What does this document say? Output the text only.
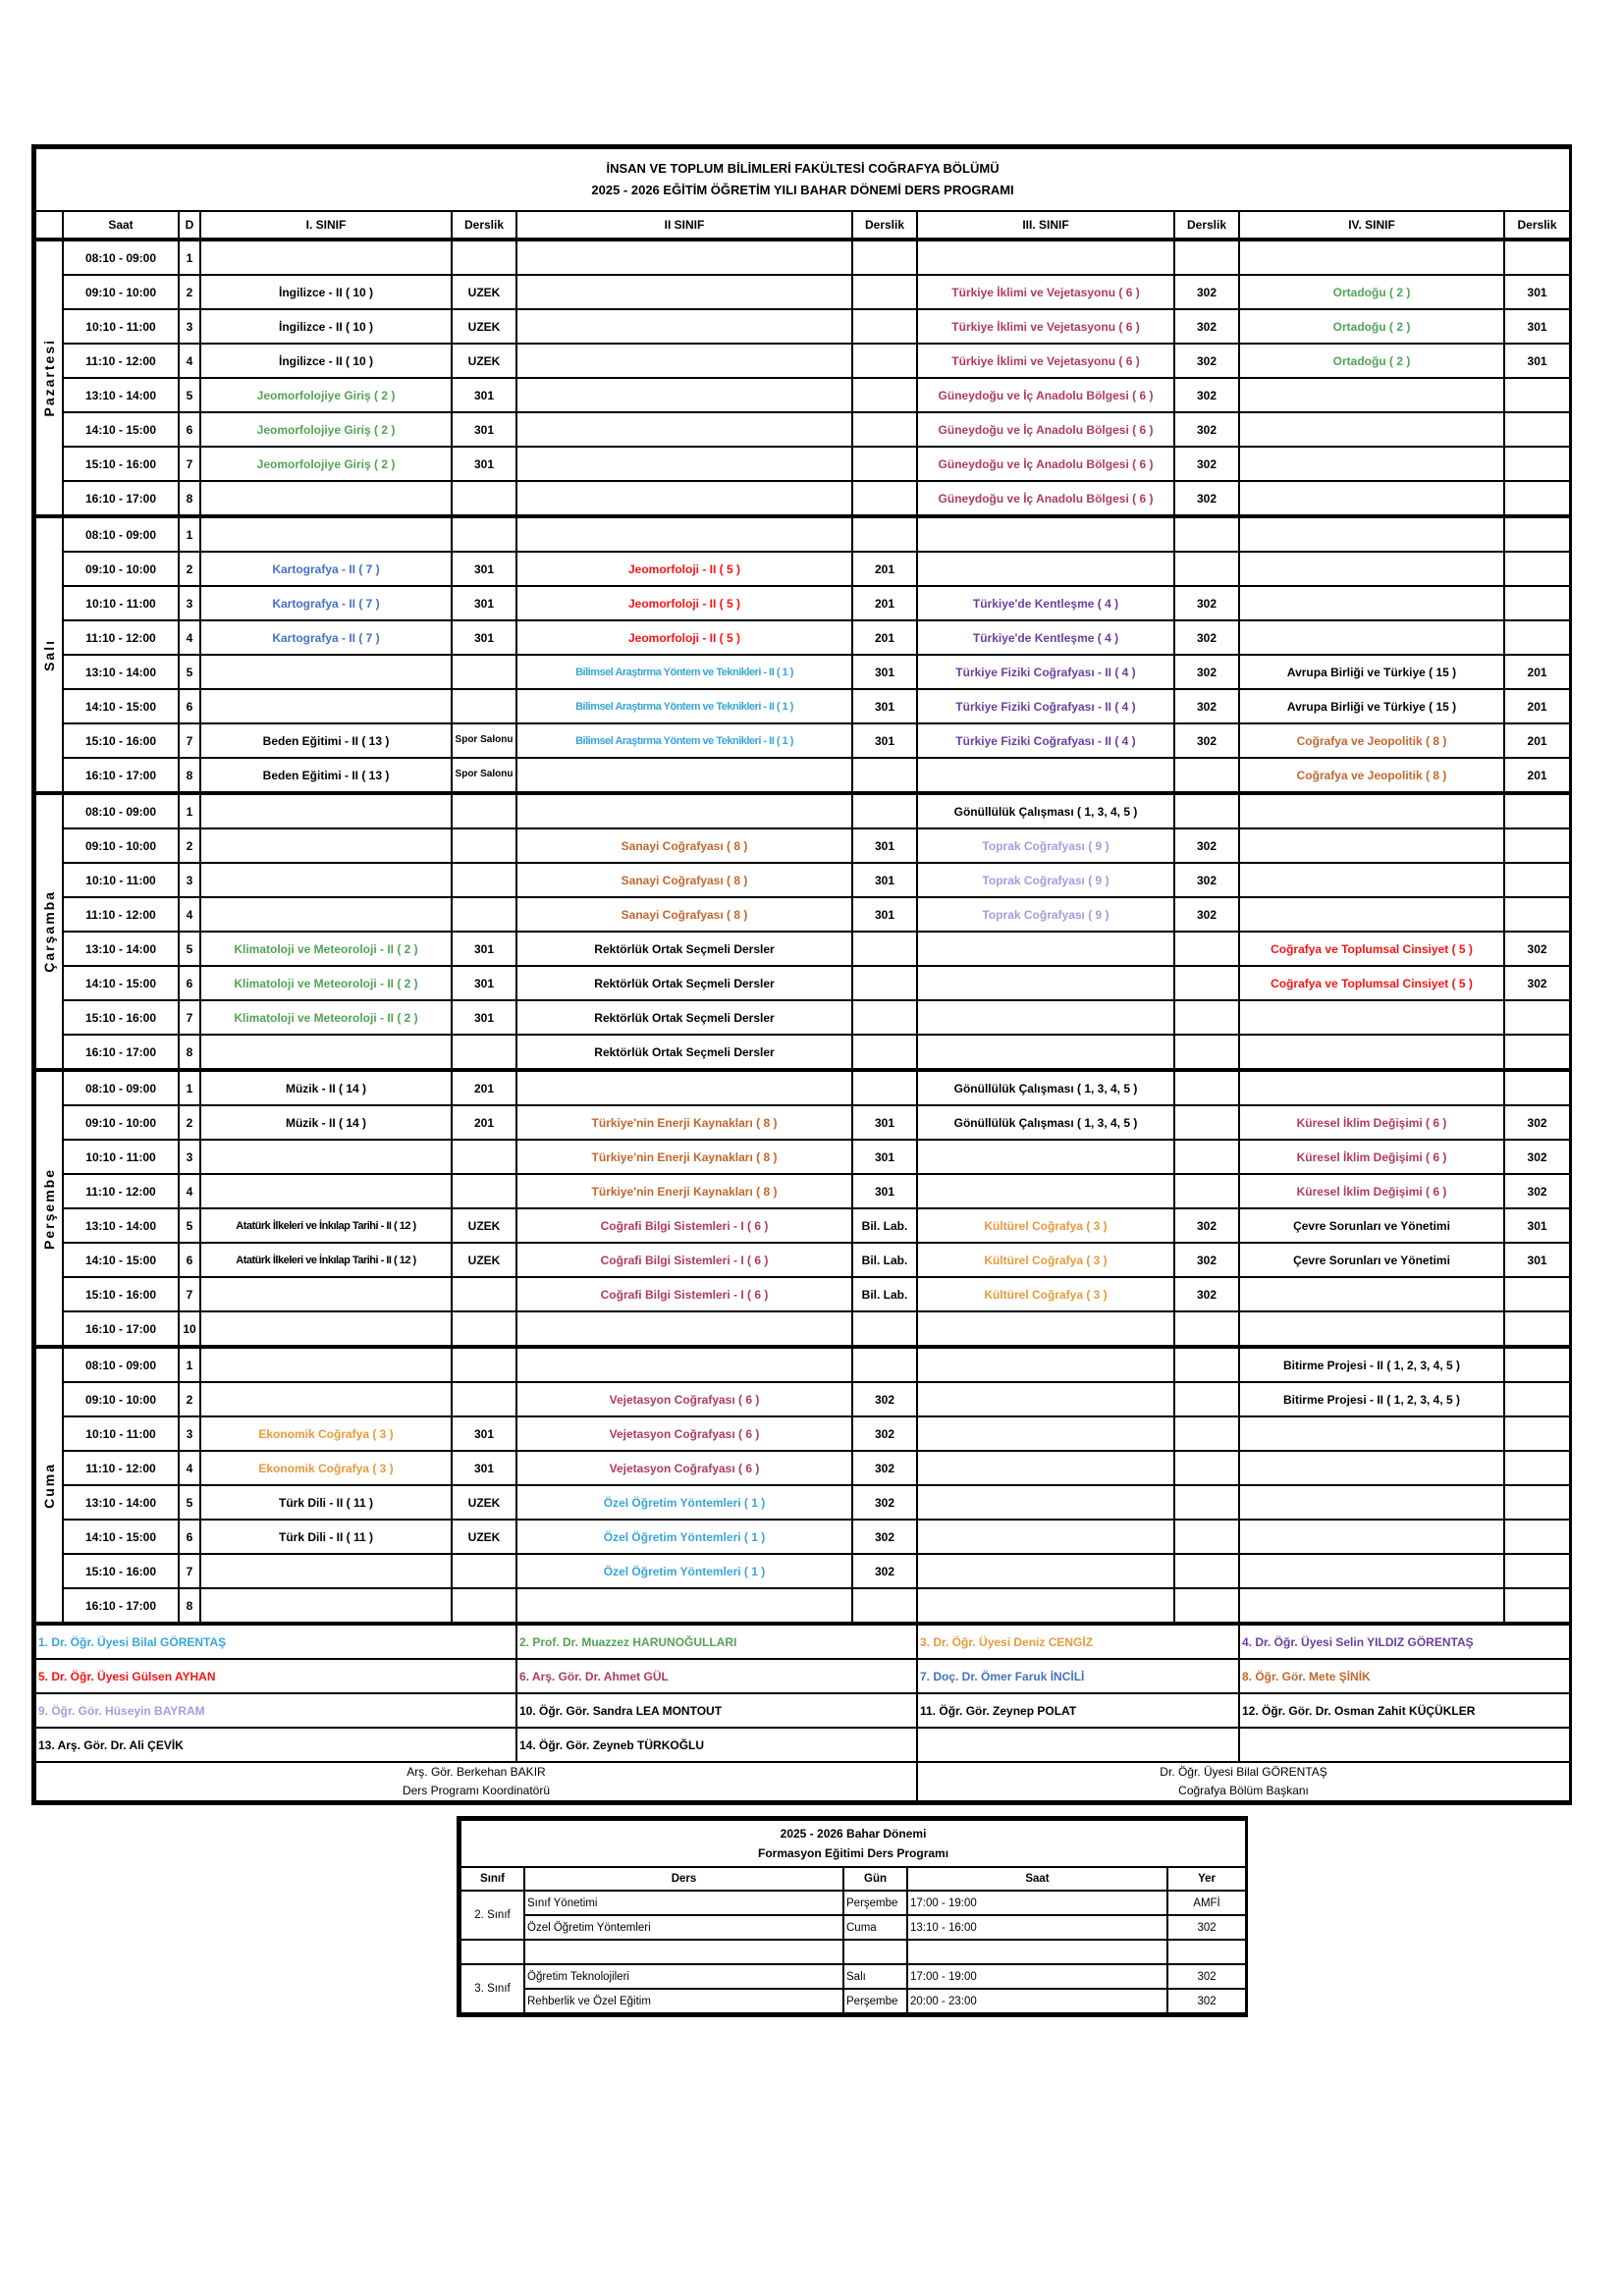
İNSAN VE TOPLUM BİLİMLERİ FAKÜLTESİ COĞRAFYA BÖLÜMÜ
2025 - 2026 EĞİTİM ÖĞRETİM YILI BAHAR DÖNEMİ DERS PROGRAMI										

	Saat	D	I. SINIF	Derslik	II SINIF	Derslik	III. SINIF	Derslik	IV. SINIF	Derslik

Pazartesi	08:10 - 09:00	1								
	09:10 - 10:00	2	İngilizce - II ( 10 )	UZEK			Türkiye İklimi ve Vejetasyonu ( 6 )	302	Ortadoğu ( 2 )	301
	10:10 - 11:00	3	İngilizce - II ( 10 )	UZEK			Türkiye İklimi ve Vejetasyonu ( 6 )	302	Ortadoğu ( 2 )	301
	11:10 - 12:00	4	İngilizce - II ( 10 )	UZEK			Türkiye İklimi ve Vejetasyonu ( 6 )	302	Ortadoğu ( 2 )	301
	13:10 - 14:00	5	Jeomorfolojiye Giriş ( 2 )	301			Güneydoğu ve İç Anadolu Bölgesi ( 6 )	302		
	14:10 - 15:00	6	Jeomorfolojiye Giriş ( 2 )	301			Güneydoğu ve İç Anadolu Bölgesi ( 6 )	302		
	15:10 - 16:00	7	Jeomorfolojiye Giriş ( 2 )	301			Güneydoğu ve İç Anadolu Bölgesi ( 6 )	302		
	16:10 - 17:00	8					Güneydoğu ve İç Anadolu Bölgesi ( 6 )	302		

Salı	08:10 - 09:00	1								
	09:10 - 10:00	2	Kartografya - II ( 7 )	301	Jeomorfoloji - II ( 5 )	201				
	10:10 - 11:00	3	Kartografya - II ( 7 )	301	Jeomorfoloji - II ( 5 )	201	Türkiye'de Kentleşme ( 4 )	302		
	11:10 - 12:00	4	Kartografya - II ( 7 )	301	Jeomorfoloji - II ( 5 )	201	Türkiye'de Kentleşme ( 4 )	302		
	13:10 - 14:00	5			Bilimsel Araştırma Yöntem ve Teknikleri - II ( 1 )	301	Türkiye Fiziki Coğrafyası - II ( 4 )	302	Avrupa Birliği ve Türkiye ( 15 )	201
	14:10 - 15:00	6			Bilimsel Araştırma Yöntem ve Teknikleri - II ( 1 )	301	Türkiye Fiziki Coğrafyası - II ( 4 )	302	Avrupa Birliği ve Türkiye ( 15 )	201
	15:10 - 16:00	7	Beden Eğitimi - II ( 13 )	Spor Salonu	Bilimsel Araştırma Yöntem ve Teknikleri - II ( 1 )	301	Türkiye Fiziki Coğrafyası - II ( 4 )	302	Coğrafya ve Jeopolitik ( 8 )	201
	16:10 - 17:00	8	Beden Eğitimi - II ( 13 )	Spor Salonu					Coğrafya ve Jeopolitik ( 8 )	201

Çarşamba	08:10 - 09:00	1					Gönüllülük Çalışması ( 1, 3, 4, 5 )			
	09:10 - 10:00	2			Sanayi Coğrafyası ( 8 )	301	Toprak Coğrafyası ( 9 )	302		
	10:10 - 11:00	3			Sanayi Coğrafyası ( 8 )	301	Toprak Coğrafyası ( 9 )	302		
	11:10 - 12:00	4			Sanayi Coğrafyası ( 8 )	301	Toprak Coğrafyası ( 9 )	302		
	13:10 - 14:00	5	Klimatoloji ve Meteoroloji - II ( 2 )	301	Rektörlük Ortak Seçmeli Dersler				Coğrafya ve Toplumsal Cinsiyet ( 5 )	302
	14:10 - 15:00	6	Klimatoloji ve Meteoroloji - II ( 2 )	301	Rektörlük Ortak Seçmeli Dersler				Coğrafya ve Toplumsal Cinsiyet ( 5 )	302
	15:10 - 16:00	7	Klimatoloji ve Meteoroloji - II ( 2 )	301	Rektörlük Ortak Seçmeli Dersler					
	16:10 - 17:00	8			Rektörlük Ortak Seçmeli Dersler					

Perşembe	08:10 - 09:00	1	Müzik - II ( 14 )	201			Gönüllülük Çalışması ( 1, 3, 4, 5 )			
	09:10 - 10:00	2	Müzik - II ( 14 )	201	Türkiye'nin Enerji Kaynakları ( 8 )	301	Gönüllülük Çalışması ( 1, 3, 4, 5 )		Küresel İklim Değişimi ( 6 )	302
	10:10 - 11:00	3			Türkiye'nin Enerji Kaynakları ( 8 )	301			Küresel İklim Değişimi ( 6 )	302
	11:10 - 12:00	4			Türkiye'nin Enerji Kaynakları ( 8 )	301			Küresel İklim Değişimi ( 6 )	302
	13:10 - 14:00	5	Atatürk İlkeleri ve İnkılap Tarihi - II ( 12 )	UZEK	Coğrafi Bilgi Sistemleri - I ( 6 )	Bil. Lab.	Kültürel Coğrafya ( 3 )	302	Çevre Sorunları ve Yönetimi	301
	14:10 - 15:00	6	Atatürk İlkeleri ve İnkılap Tarihi - II ( 12 )	UZEK	Coğrafi Bilgi Sistemleri - I ( 6 )	Bil. Lab.	Kültürel Coğrafya ( 3 )	302	Çevre Sorunları ve Yönetimi	301
	15:10 - 16:00	7			Coğrafi Bilgi Sistemleri - I ( 6 )	Bil. Lab.	Kültürel Coğrafya ( 3 )	302		
	16:10 - 17:00	10								

Cuma	08:10 - 09:00	1							Bitirme Projesi - II ( 1, 2, 3, 4, 5 )	
	09:10 - 10:00	2			Vejetasyon Coğrafyası ( 6 )	302			Bitirme Projesi - II ( 1, 2, 3, 4, 5 )	
	10:10 - 11:00	3	Ekonomik Coğrafya ( 3 )	301	Vejetasyon Coğrafyası ( 6 )	302				
	11:10 - 12:00	4	Ekonomik Coğrafya ( 3 )	301	Vejetasyon Coğrafyası ( 6 )	302				
	13:10 - 14:00	5	Türk Dili - II ( 11 )	UZEK	Özel Öğretim Yöntemleri ( 1 )	302				
	14:10 - 15:00	6	Türk Dili - II ( 11 )	UZEK	Özel Öğretim Yöntemleri ( 1 )	302				
	15:10 - 16:00	7			Özel Öğretim Yöntemleri ( 1 )	302				
	16:10 - 17:00	8								
1. Dr. Öğr. Üyesi Bilal GÖRENTAŞ					2. Prof. Dr. Muazzez HARUNOĞULLARI		3. Dr. Öğr. Üyesi Deniz CENGİZ		4. Dr. Öğr. Üyesi Selin YILDIZ GÖRENTAŞ	
5. Dr. Öğr. Üyesi Gülsen AYHAN					6. Arş. Gör. Dr. Ahmet GÜL		7. Doç. Dr. Ömer Faruk İNCİLİ		8. Öğr. Gör. Mete ŞİNİK	
9. Öğr. Gör. Hüseyin BAYRAM					10. Öğr. Gör. Sandra LEA MONTOUT		11. Öğr. Gör. Zeynep POLAT		12. Öğr. Gör. Dr. Osman Zahit KÜÇÜKLER	
13. Arş. Gör. Dr. Ali ÇEVİK					14. Öğr. Gör. Zeyneb TÜRKOĞLU					

Arş. Gör. Berkehan BAKIR
Ders Programı Koordinatörü

Dr. Öğr. Üyesi Bilal GÖRENTAŞ
Coğrafya Bölüm Başkanı
2025 - 2026 Bahar Dönemi
Formasyon Eğitimi Ders Programı				

Sınıf	Ders	Gün	Saat	Yer
2. Sınıf	Sınıf Yönetimi	Perşembe	17:00 - 19:00	AMFİ
	Özel Öğretim Yöntemleri	Cuma	13:10 - 16:00	302

3. Sınıf	Öğretim Teknolojileri	Salı	17:00 - 19:00	302
	Rehberlik ve Özel Eğitim	Perşembe	20:00 - 23:00	302
